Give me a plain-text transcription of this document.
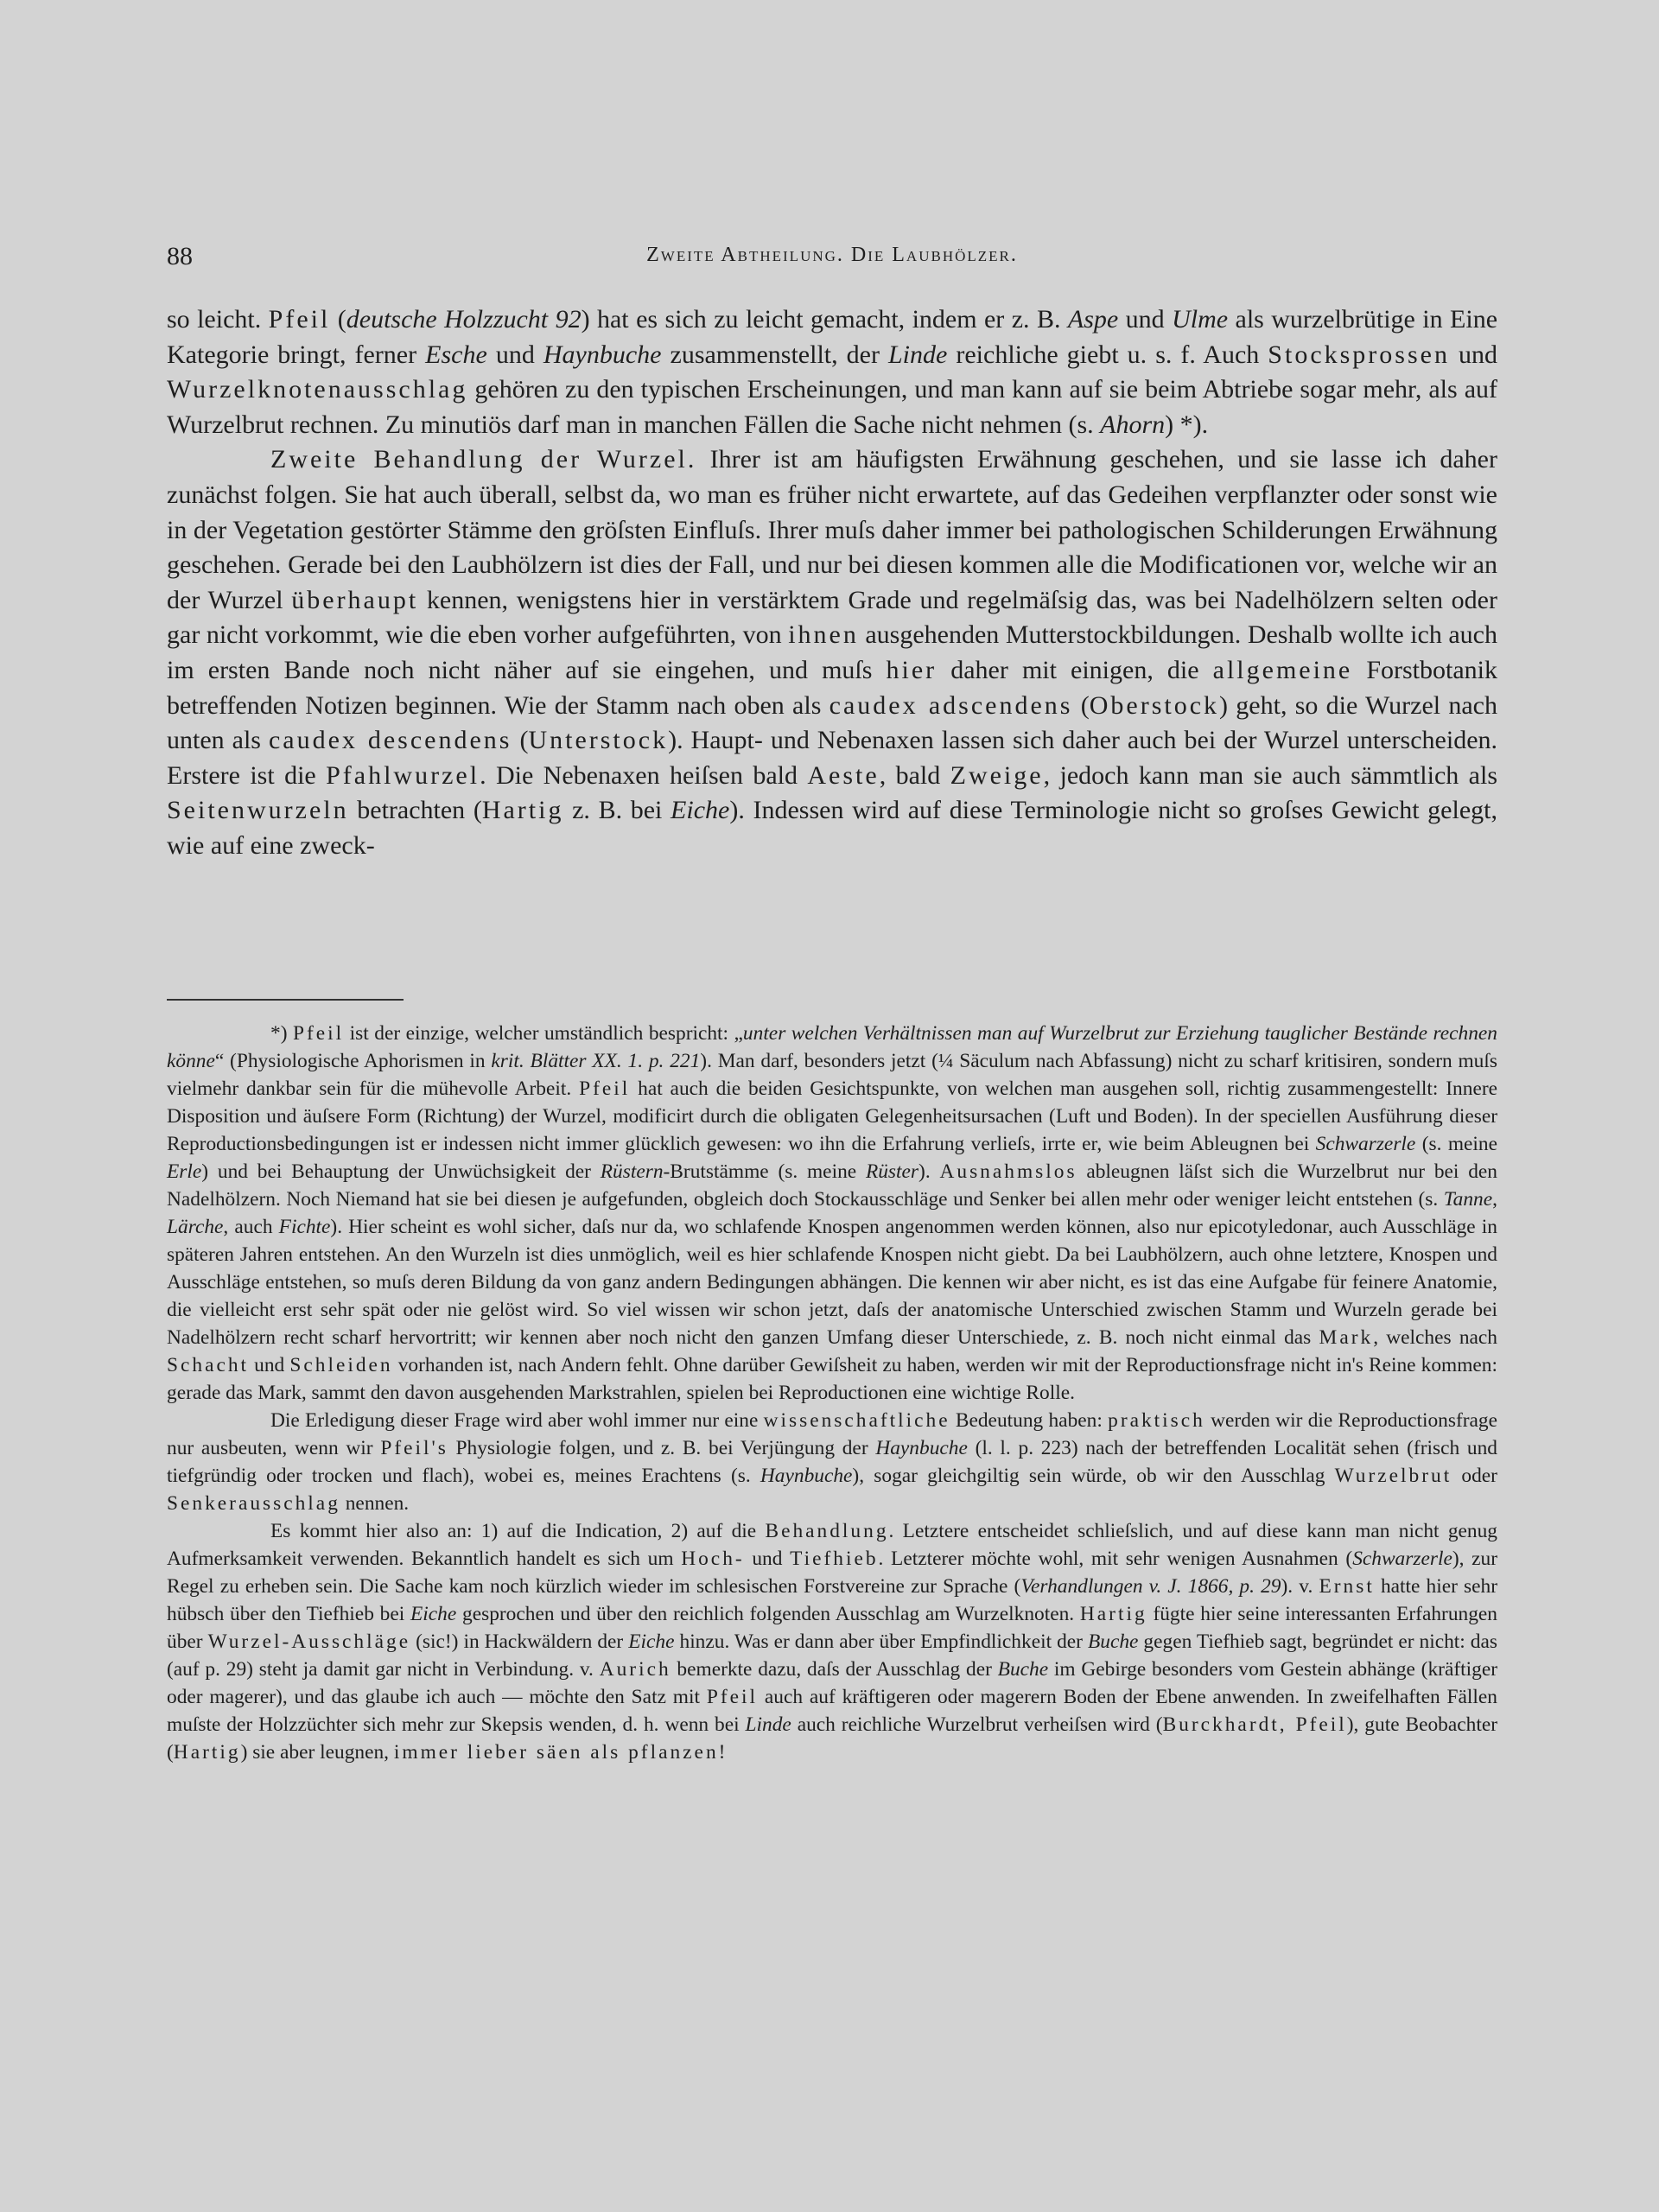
88	Zweite Abtheilung. Die Laubhölzer.

so leicht. Pfeil (deutsche Holzzucht 92) hat es sich zu leicht gemacht, indem er z. B. Aspe und Ulme als wurzelbrütige in Eine Kategorie bringt, ferner Esche und Haynbuche zusammenstellt, der Linde reichliche giebt u. s. f. Auch Stocksprossen und Wurzelknotenausschlag gehören zu den typischen Erscheinungen, und man kann auf sie beim Abtriebe sogar mehr, als auf Wurzelbrut rechnen. Zu minutiös darf man in manchen Fällen die Sache nicht nehmen (s. Ahorn) *).

Zweite Behandlung der Wurzel. Ihrer ist am häufigsten Erwähnung geschehen, und sie lasse ich daher zunächst folgen. Sie hat auch überall, selbst da, wo man es früher nicht erwartete, auf das Gedeihen verpflanzter oder sonst wie in der Vegetation gestörter Stämme den gröſsten Einfluſs. Ihrer muſs daher immer bei pathologischen Schilderungen Erwähnung geschehen. Gerade bei den Laubhölzern ist dies der Fall, und nur bei diesen kommen alle die Modificationen vor, welche wir an der Wurzel überhaupt kennen, wenigstens hier in verstärktem Grade und regelmäſsig das, was bei Nadelhölzern selten oder gar nicht vorkommt, wie die eben vorher aufgeführten, von ihnen ausgehenden Mutterstockbildungen. Deshalb wollte ich auch im ersten Bande noch nicht näher auf sie eingehen, und muſs hier daher mit einigen, die allgemeine Forstbotanik betreffenden Notizen beginnen. Wie der Stamm nach oben als caudex adscendens (Oberstock) geht, so die Wurzel nach unten als caudex descendens (Unterstock). Haupt- und Nebenaxen lassen sich daher auch bei der Wurzel unterscheiden. Erstere ist die Pfahlwurzel. Die Nebenaxen heiſsen bald Aeste, bald Zweige, jedoch kann man sie auch sämmtlich als Seitenwurzeln betrachten (Hartig z. B. bei Eiche). Indessen wird auf diese Terminologie nicht so groſses Gewicht gelegt, wie auf eine zweck-

*) Pfeil ist der einzige, welcher umständlich bespricht: „unter welchen Verhältnissen man auf Wurzelbrut zur Erziehung tauglicher Bestände rechnen könne“ (Physiologische Aphorismen in krit. Blätter XX. 1. p. 221). Man darf, besonders jetzt (¼ Säculum nach Abfassung) nicht zu scharf kritisiren, sondern muſs vielmehr dankbar sein für die mühevolle Arbeit. Pfeil hat auch die beiden Gesichtspunkte, von welchen man ausgehen soll, richtig zusammengestellt: Innere Disposition und äuſsere Form (Richtung) der Wurzel, modificirt durch die obligaten Gelegenheitsursachen (Luft und Boden). In der speciellen Ausführung dieser Reproductionsbedingungen ist er indessen nicht immer glücklich gewesen: wo ihn die Erfahrung verlieſs, irrte er, wie beim Ableugnen bei Schwarzerle (s. meine Erle) und bei Behauptung der Unwüchsigkeit der Rüstern-Brutstämme (s. meine Rüster). Ausnahmslos ableugnen läſst sich die Wurzelbrut nur bei den Nadelhölzern. Noch Niemand hat sie bei diesen je aufgefunden, obgleich doch Stockausschläge und Senker bei allen mehr oder weniger leicht entstehen (s. Tanne, Lärche, auch Fichte). Hier scheint es wohl sicher, daſs nur da, wo schlafende Knospen angenommen werden können, also nur epicotyledonar, auch Ausschläge in späteren Jahren entstehen. An den Wurzeln ist dies unmöglich, weil es hier schlafende Knospen nicht giebt. Da bei Laubhölzern, auch ohne letztere, Knospen und Ausschläge entstehen, so muſs deren Bildung da von ganz andern Bedingungen abhängen. Die kennen wir aber nicht, es ist das eine Aufgabe für feinere Anatomie, die vielleicht erst sehr spät oder nie gelöst wird. So viel wissen wir schon jetzt, daſs der anatomische Unterschied zwischen Stamm und Wurzeln gerade bei Nadelhölzern recht scharf hervortritt; wir kennen aber noch nicht den ganzen Umfang dieser Unterschiede, z. B. noch nicht einmal das Mark, welches nach Schacht und Schleiden vorhanden ist, nach Andern fehlt. Ohne darüber Gewiſsheit zu haben, werden wir mit der Reproductionsfrage nicht in's Reine kommen: gerade das Mark, sammt den davon ausgehenden Markstrahlen, spielen bei Reproductionen eine wichtige Rolle.

Die Erledigung dieser Frage wird aber wohl immer nur eine wissenschaftliche Bedeutung haben: praktisch werden wir die Reproductionsfrage nur ausbeuten, wenn wir Pfeil's Physiologie folgen, und z. B. bei Verjüngung der Haynbuche (l. l. p. 223) nach der betreffenden Localität sehen (frisch und tiefgründig oder trocken und flach), wobei es, meines Erachtens (s. Haynbuche), sogar gleichgiltig sein würde, ob wir den Ausschlag Wurzelbrut oder Senkerausschlag nennen.

Es kommt hier also an: 1) auf die Indication, 2) auf die Behandlung. Letztere entscheidet schlieſslich, und auf diese kann man nicht genug Aufmerksamkeit verwenden. Bekanntlich handelt es sich um Hoch- und Tiefhieb. Letzterer möchte wohl, mit sehr wenigen Ausnahmen (Schwarzerle), zur Regel zu erheben sein. Die Sache kam noch kürzlich wieder im schlesischen Forstvereine zur Sprache (Verhandlungen v. J. 1866, p. 29). v. Ernst hatte hier sehr hübsch über den Tiefhieb bei Eiche gesprochen und über den reichlich folgenden Ausschlag am Wurzelknoten. Hartig fügte hier seine interessanten Erfahrungen über Wurzel-Ausschläge (sic!) in Hackwäldern der Eiche hinzu. Was er dann aber über Empfindlichkeit der Buche gegen Tiefhieb sagt, begründet er nicht: das (auf p. 29) steht ja damit gar nicht in Verbindung. v. Aurich bemerkte dazu, daſs der Ausschlag der Buche im Gebirge besonders vom Gestein abhänge (kräftiger oder magerer), und das glaube ich auch — möchte den Satz mit Pfeil auch auf kräftigeren oder magerern Boden der Ebene anwenden. In zweifelhaften Fällen muſste der Holzzüchter sich mehr zur Skepsis wenden, d. h. wenn bei Linde auch reichliche Wurzelbrut verheiſsen wird (Burckhardt, Pfeil), gute Beobachter (Hartig) sie aber leugnen, immer lieber säen als pflanzen!
